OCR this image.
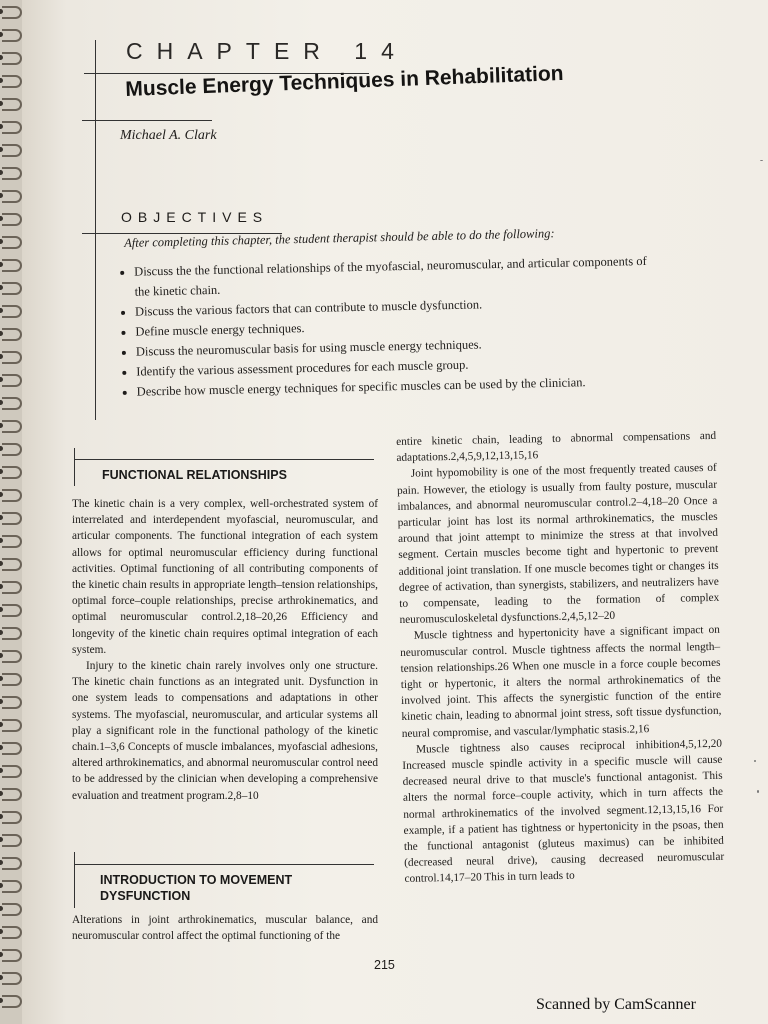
CHAPTER 14
Muscle Energy Techniques in Rehabilitation
Michael A. Clark
OBJECTIVES
After completing this chapter, the student therapist should be able to do the following:
• Discuss the the functional relationships of the myofascial, neuromuscular, and articular components of the kinetic chain.
• Discuss the various factors that can contribute to muscle dysfunction.
• Define muscle energy techniques.
• Discuss the neuromuscular basis for using muscle energy techniques.
• Identify the various assessment procedures for each muscle group.
• Describe how muscle energy techniques for specific muscles can be used by the clinician.
FUNCTIONAL RELATIONSHIPS

The kinetic chain is a very complex, well-orchestrated system of interrelated and interdependent myofascial, neuromuscular, and articular components. The functional integration of each system allows for optimal neuromuscular efficiency during functional activities. Optimal functioning of all contributing components of the kinetic chain results in appropriate length–tension relationships, optimal force–couple relationships, precise arthrokinematics, and optimal neuromuscular control.2,18–20,26 Efficiency and longevity of the kinetic chain requires optimal integration of each system.

Injury to the kinetic chain rarely involves only one structure. The kinetic chain functions as an integrated unit. Dysfunction in one system leads to compensations and adaptations in other systems. The myofascial, neuromuscular, and articular systems all play a significant role in the functional pathology of the kinetic chain.1–3,6 Concepts of muscle imbalances, myofascial adhesions, altered arthrokinematics, and abnormal neuromuscular control need to be addressed by the clinician when developing a comprehensive evaluation and treatment program.2,8–10

INTRODUCTION TO MOVEMENT DYSFUNCTION

Alterations in joint arthrokinematics, muscular balance, and neuromuscular control affect the optimal functioning of the

entire kinetic chain, leading to abnormal compensations and adaptations.2,4,5,9,12,13,15,16

Joint hypomobility is one of the most frequently treated causes of pain. However, the etiology is usually from faulty posture, muscular imbalances, and abnormal neuromuscular control.2–4,18–20 Once a particular joint has lost its normal arthrokinematics, the muscles around that joint attempt to minimize the stress at that involved segment. Certain muscles become tight and hypertonic to prevent additional joint translation. If one muscle becomes tight or changes its degree of activation, than synergists, stabilizers, and neutralizers have to compensate, leading to the formation of complex neuromusculoskeletal dysfunctions.2,4,5,12–20

Muscle tightness and hypertonicity have a significant impact on neuromuscular control. Muscle tightness affects the normal length–tension relationships.26 When one muscle in a force couple becomes tight or hypertonic, it alters the normal arthrokinematics of the involved joint. This affects the synergistic function of the entire kinetic chain, leading to abnormal joint stress, soft tissue dysfunction, neural compromise, and vascular/lymphatic stasis.2,16

Muscle tightness also causes reciprocal inhibition4,5,12,20 Increased muscle spindle activity in a specific muscle will cause decreased neural drive to that muscle's functional antagonist. This alters the normal force–couple activity, which in turn affects the normal arthrokinematics of the involved segment.12,13,15,16 For example, if a patient has tightness or hypertonicity in the psoas, then the functional antagonist (gluteus maximus) can be inhibited (decreased neural drive), causing decreased neuromuscular control.14,17–20 This in turn leads to

215
Scanned by CamScanner
